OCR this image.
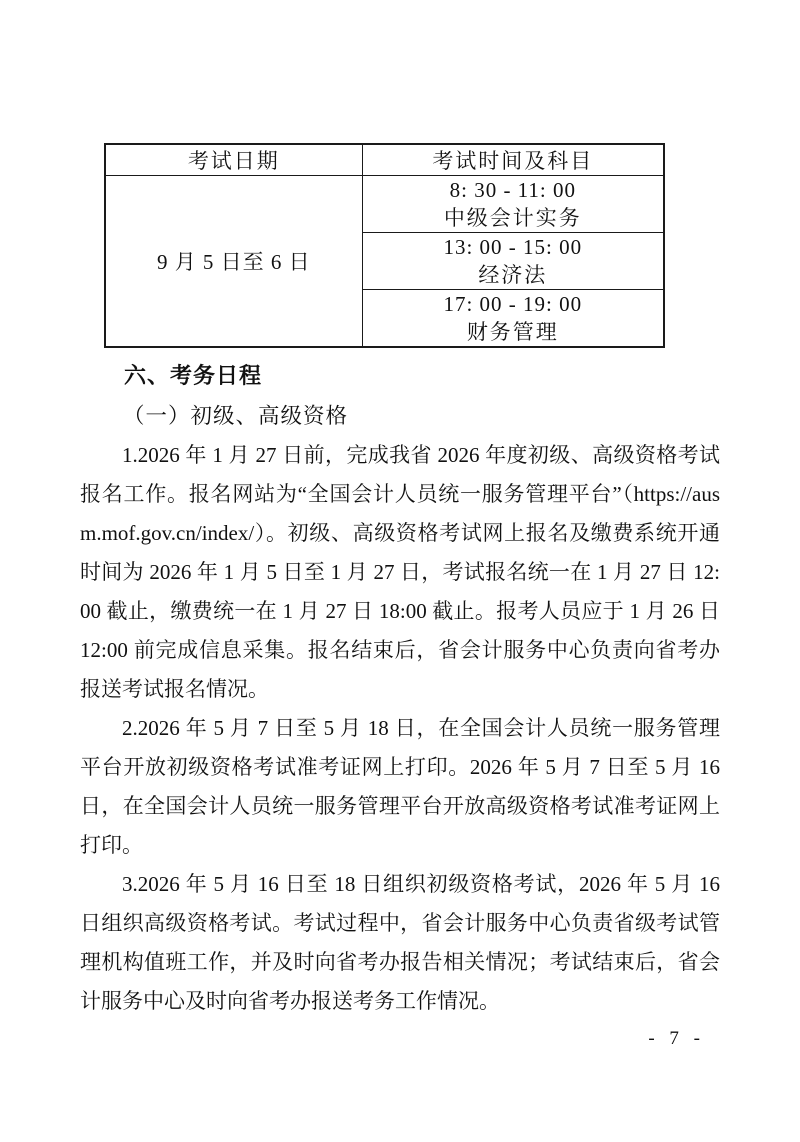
考试日期	考试时间及科目
9 月 5 日至 6 日	8: 30 - 11: 00
中级会计实务

	13: 00 - 15: 00
经济法

	17: 00 - 19: 00
财务管理
六、考务日程
（一）初级、高级资格

1.2026 年 1 月 27 日前，完成我省 2026 年度初级、高级资格考试报名工作。报名网站为“全国会计人员统一服务管理平台”（https://ausm.mof.gov.cn/index/）。初级、高级资格考试网上报名及缴费系统开通时间为 2026 年 1 月 5 日至 1 月 27 日，考试报名统一在 1 月 27 日 12:00 截止，缴费统一在 1 月 27 日 18:00 截止。报考人员应于 1 月 26 日 12:00 前完成信息采集。报名结束后，省会计服务中心负责向省考办报送考试报名情况。

2.2026 年 5 月 7 日至 5 月 18 日，在全国会计人员统一服务管理平台开放初级资格考试准考证网上打印。2026 年 5 月 7 日至 5 月 16 日，在全国会计人员统一服务管理平台开放高级资格考试准考证网上打印。

3.2026 年 5 月 16 日至 18 日组织初级资格考试，2026 年 5 月 16 日组织高级资格考试。考试过程中，省会计服务中心负责省级考试管理机构值班工作，并及时向省考办报告相关情况；考试结束后，省会计服务中心及时向省考办报送考务工作情况。

- 7 -
